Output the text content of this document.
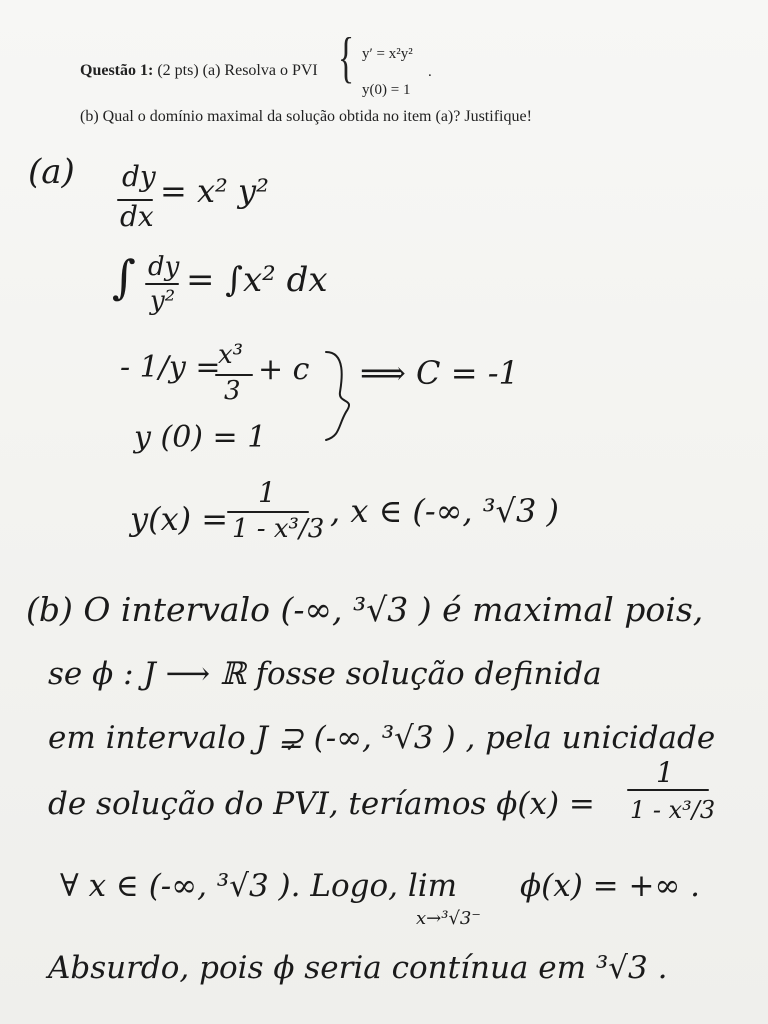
Questão 1: (2 pts) (a) Resolva o PVI { y′ = x²y²
y(0) = 1
.
(b) Qual o domínio maximal da solução obtida no item (a)? Justifique!
(a) dy
dx
= x² y²
∫ dy
y²
= ∫x² dx
- 1/y =
x³
3
+ c ⟹ C = -1
y (0) = 1
y(x) =
1
1 - x³/3 , x ∈ (-∞, ³√3 )
(b) O intervalo (-∞, ³√3 ) é maximal pois,
se ϕ : J ⟶ ℝ fosse solução definida
em intervalo J ⊋ (-∞, ³√3 ) , pela unicidade
de solução do PVI, teríamos ϕ(x) =
1
1 - x³/3
∀ x ∈ (-∞, ³√3 ). Logo, lim
x→³√3⁻
ϕ(x) = +∞ .
Absurdo, pois ϕ seria contínua em ³√3 .
